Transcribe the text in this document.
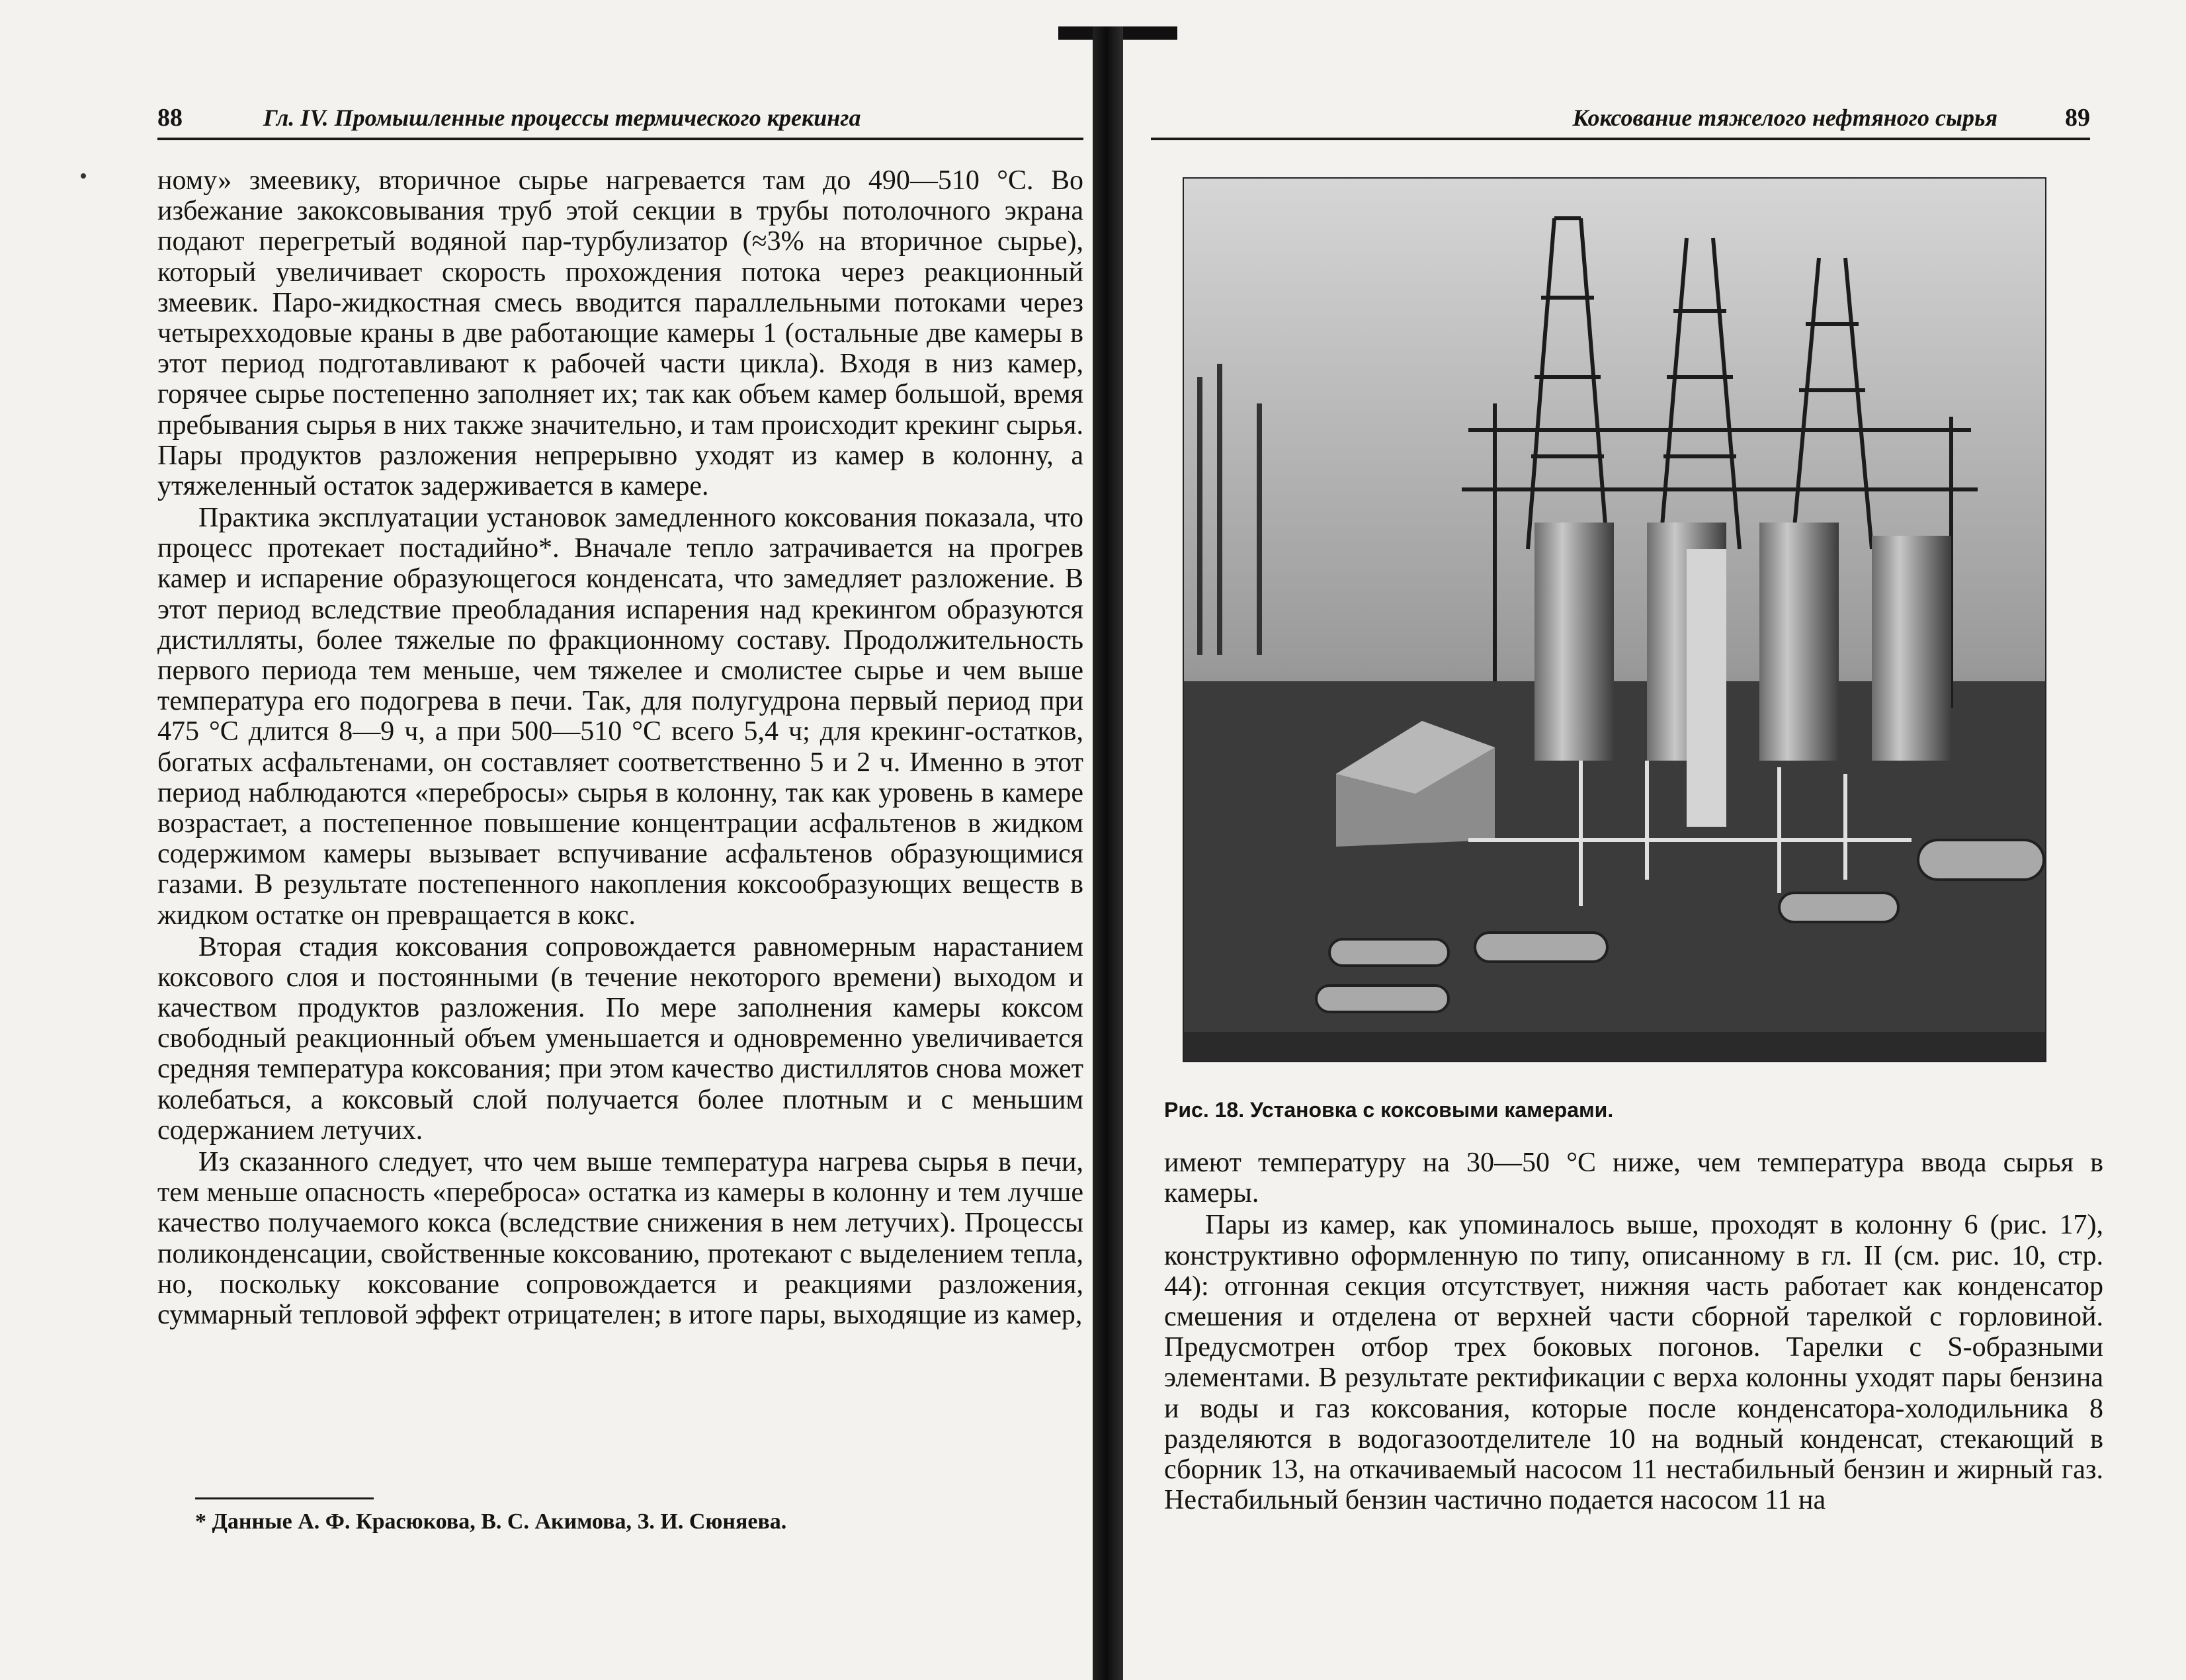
88	Гл. IV. Промышленные процессы термического крекинга

ному» змеевику, вторичное сырье нагревается там до 490—510 °С. Во избежание закоксовывания труб этой секции в трубы потолочного экрана подают перегретый водяной пар-турбулизатор (≈3% на вторичное сырье), который увеличивает скорость прохождения потока через реакционный змеевик. Паро-жидкостная смесь вводится параллельными потоками через четырехходовые краны в две работающие камеры 1 (остальные две камеры в этот период подготавливают к рабочей части цикла). Входя в низ камер, горячее сырье постепенно заполняет их; так как объем камер большой, время пребывания сырья в них также значительно, и там происходит крекинг сырья. Пары продуктов разложения непрерывно уходят из камер в колонну, а утяжеленный остаток задерживается в камере.

Практика эксплуатации установок замедленного коксования показала, что процесс протекает постадийно*. Вначале тепло затрачивается на прогрев камер и испарение образующегося конденсата, что замедляет разложение. В этот период вследствие преобладания испарения над крекингом образуются дистилляты, более тяжелые по фракционному составу. Продолжительность первого периода тем меньше, чем тяжелее и смолистее сырье и чем выше температура его подогрева в печи. Так, для полугудрона первый период при 475 °С длится 8—9 ч, а при 500—510 °С всего 5,4 ч; для крекинг-остатков, богатых асфальтенами, он составляет соответственно 5 и 2 ч. Именно в этот период наблюдаются «перебросы» сырья в колонну, так как уровень в камере возрастает, а постепенное повышение концентрации асфальтенов в жидком содержимом камеры вызывает вспучивание асфальтенов образующимися газами. В результате постепенного накопления коксообразующих веществ в жидком остатке он превращается в кокс.

Вторая стадия коксования сопровождается равномерным нарастанием коксового слоя и постоянными (в течение некоторого времени) выходом и качеством продуктов разложения. По мере заполнения камеры коксом свободный реакционный объем уменьшается и одновременно увеличивается средняя температура коксования; при этом качество дистиллятов снова может колебаться, а коксовый слой получается более плотным и с меньшим содержанием летучих.

Из сказанного следует, что чем выше температура нагрева сырья в печи, тем меньше опасность «переброса» остатка из камеры в колонну и тем лучше качество получаемого кокса (вследствие снижения в нем летучих). Процессы поликонденсации, свойственные коксованию, протекают с выделением тепла, но, поскольку коксование сопровождается и реакциями разложения, суммарный тепловой эффект отрицателен; в итоге пары, выходящие из камер,

* Данные А. Ф. Красюкова, В. С. Акимова, З. И. Сюняева.
Коксование тяжелого нефтяного сырья	89
Рис. 18. Установка с коксовыми камерами.

имеют температуру на 30—50 °С ниже, чем температура ввода сырья в камеры.

Пары из камер, как упоминалось выше, проходят в колонну 6 (рис. 17), конструктивно оформленную по типу, описанному в гл. II (см. рис. 10, стр. 44): отгонная секция отсутствует, нижняя часть работает как конденсатор смешения и отделена от верхней части сборной тарелкой с горловиной. Предусмотрен отбор трех боковых погонов. Тарелки с S-образными элементами. В результате ректификации с верха колонны уходят пары бензина и воды и газ коксования, которые после конденсатора-холодильника 8 разделяются в водогазоотделителе 10 на водный конденсат, стекающий в сборник 13, на откачиваемый насосом 11 нестабильный бензин и жирный газ. Нестабильный бензин частично подается насосом 11 на
